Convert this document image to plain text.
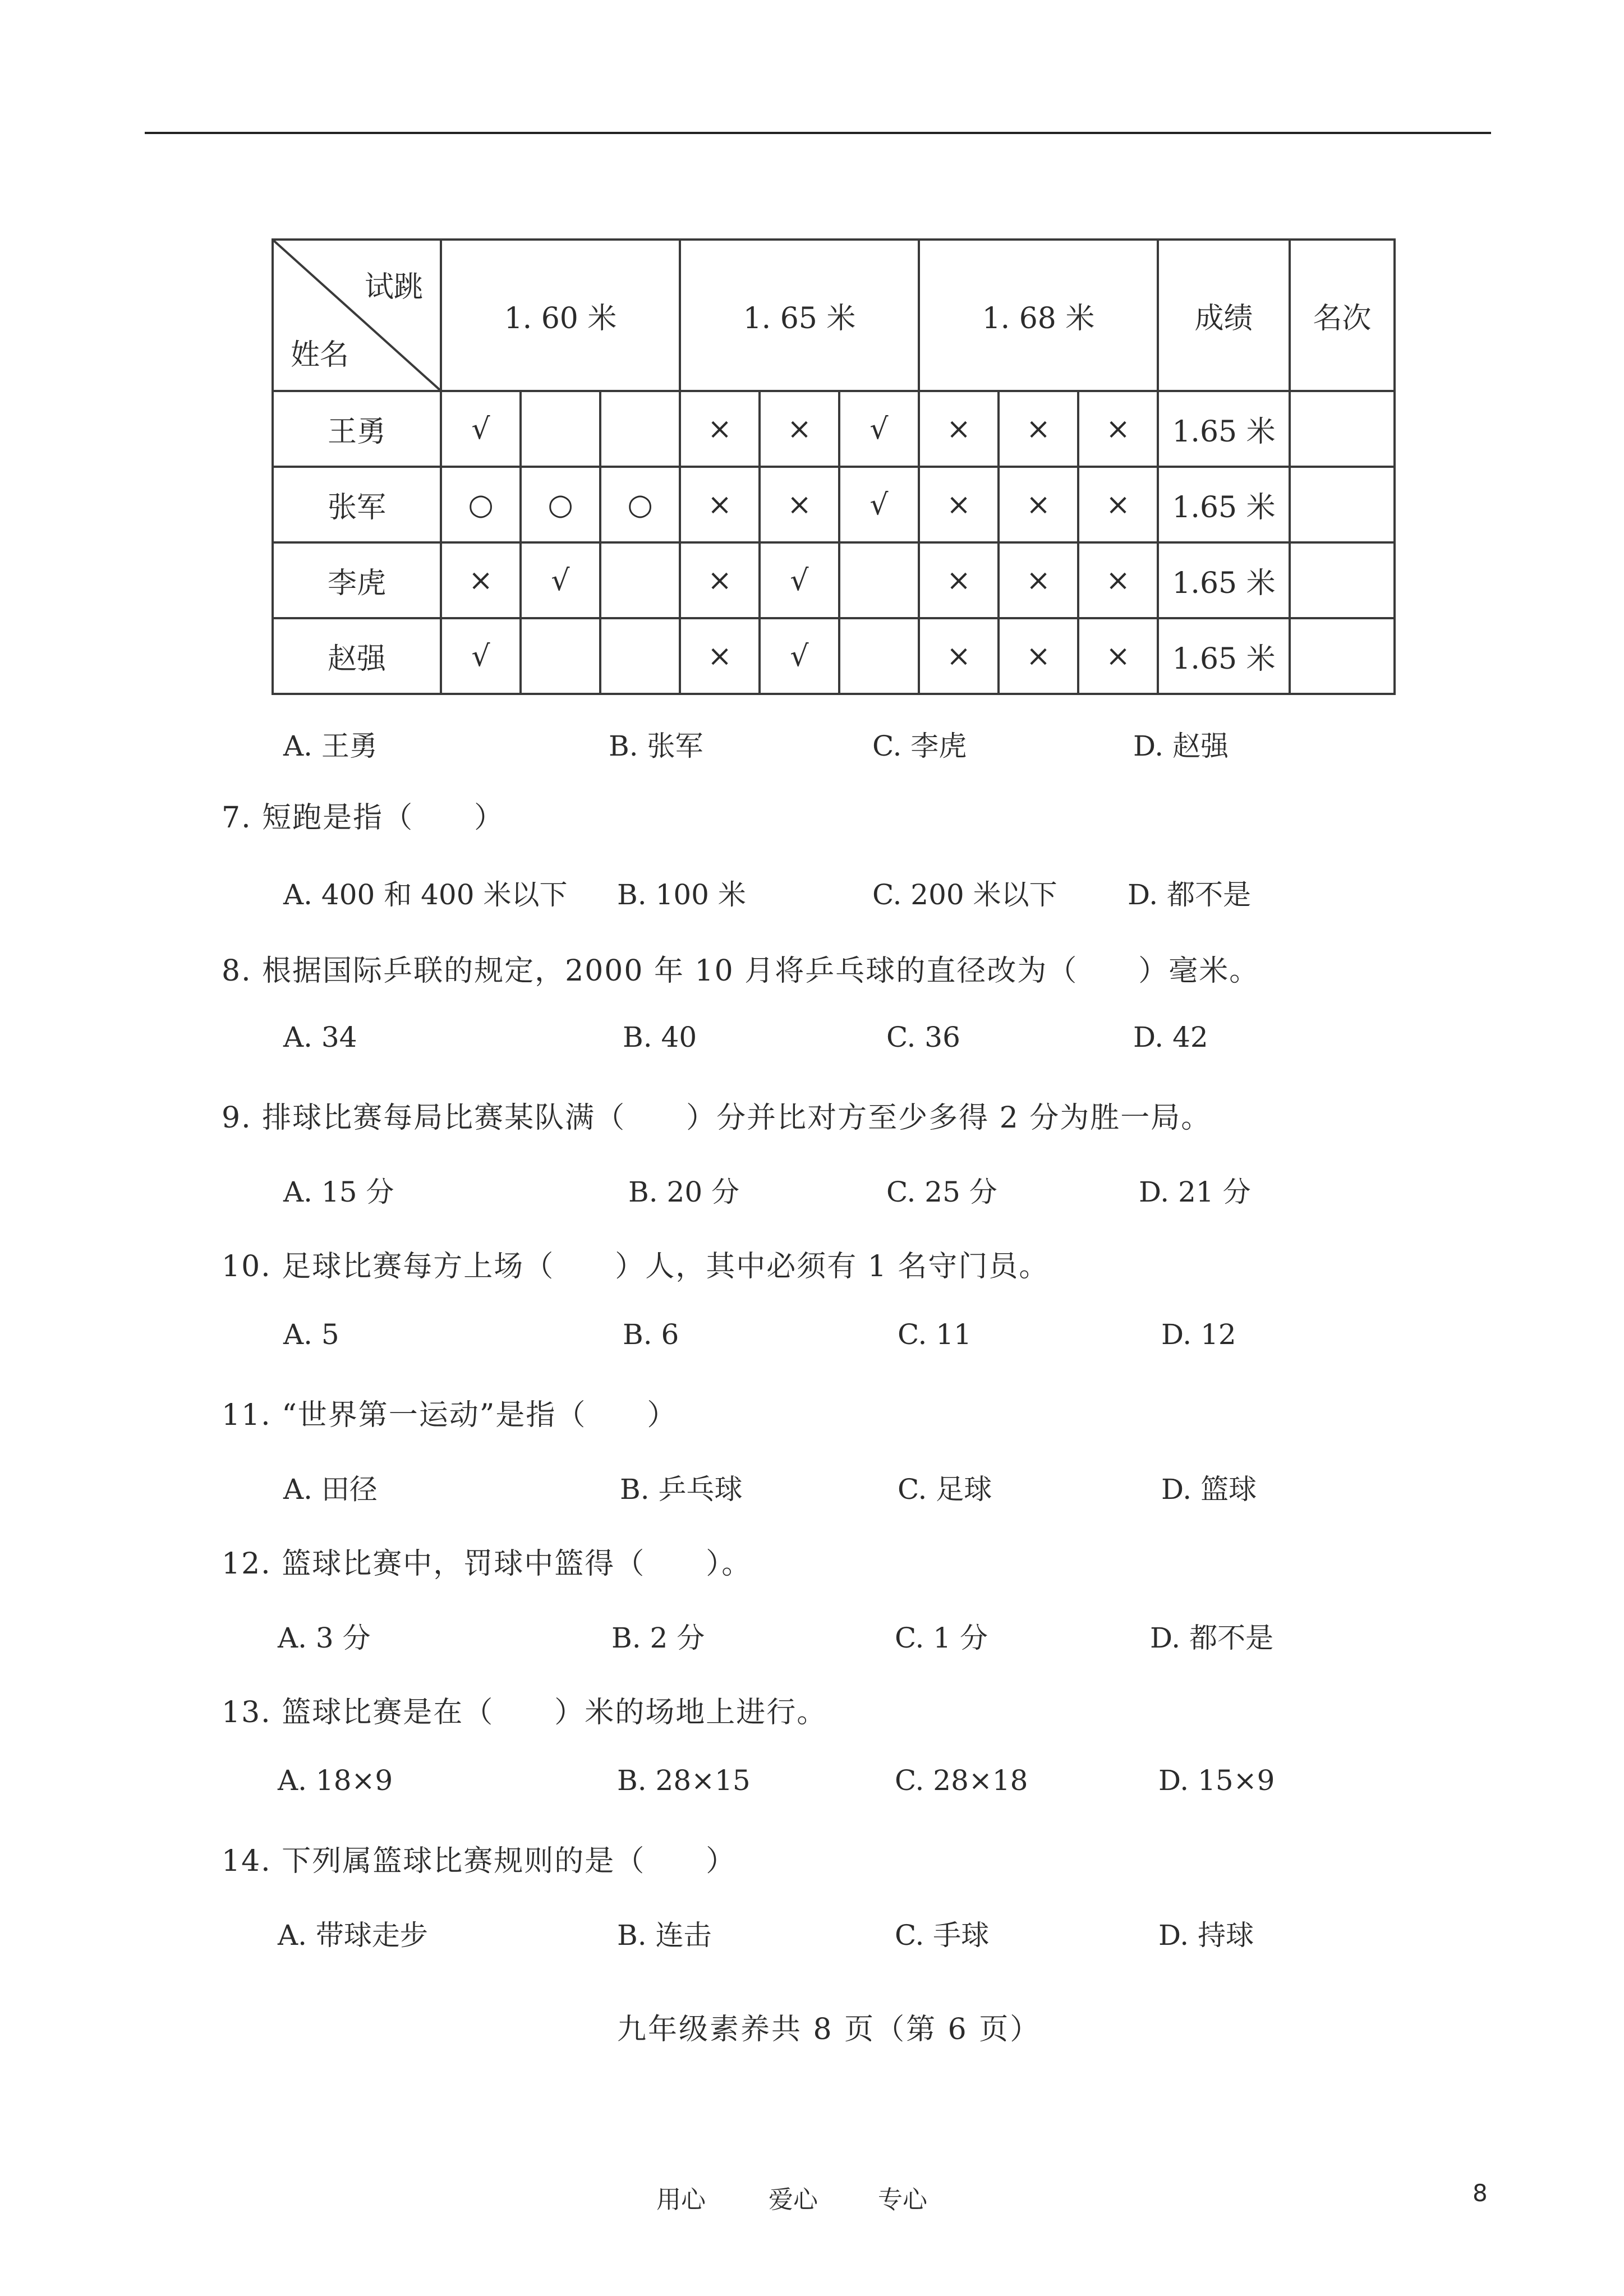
试跳
姓名	1. 60 米			1. 65 米			1. 68 米			成绩	名次
王勇	√			×	×	√	×	×	×	1.65 米	
张军	○	○	○	×	×	√	×	×	×	1.65 米	
李虎	×	√		×	√		×	×	×	1.65 米	
赵强	√			×	√		×	×	×	1.65 米	
A. 王勇	B. 张军	C. 李虎	D. 赵强
7. 短跑是指（　　）
A. 400 和 400 米以下 B. 100 米	C. 200 米以下	D. 都不是
8. 根据国际乒联的规定，2000 年 10 月将乒乓球的直径改为（　　）毫米。
A. 34	B. 40	C. 36	D. 42
9. 排球比赛每局比赛某队满（　　）分并比对方至少多得 2 分为胜一局。
A. 15 分	B. 20 分	C. 25 分	D. 21 分
10. 足球比赛每方上场（　　）人，其中必须有 1 名守门员。
A. 5	B. 6	C. 11	D. 12
11. “世界第一运动”是指（　　）
A. 田径	B. 乒乓球	C. 足球	D. 篮球
12. 篮球比赛中，罚球中篮得（　　）。
A. 3 分	B. 2 分	C. 1 分	D. 都不是
13. 篮球比赛是在（　　）米的场地上进行。
A. 18×9	B. 28×15	C. 28×18	D. 15×9
14. 下列属篮球比赛规则的是（　　）
A. 带球走步	B. 连击	C. 手球	D. 持球
九年级素养共 8 页（第 6 页）
用心	爱心 专心	8
